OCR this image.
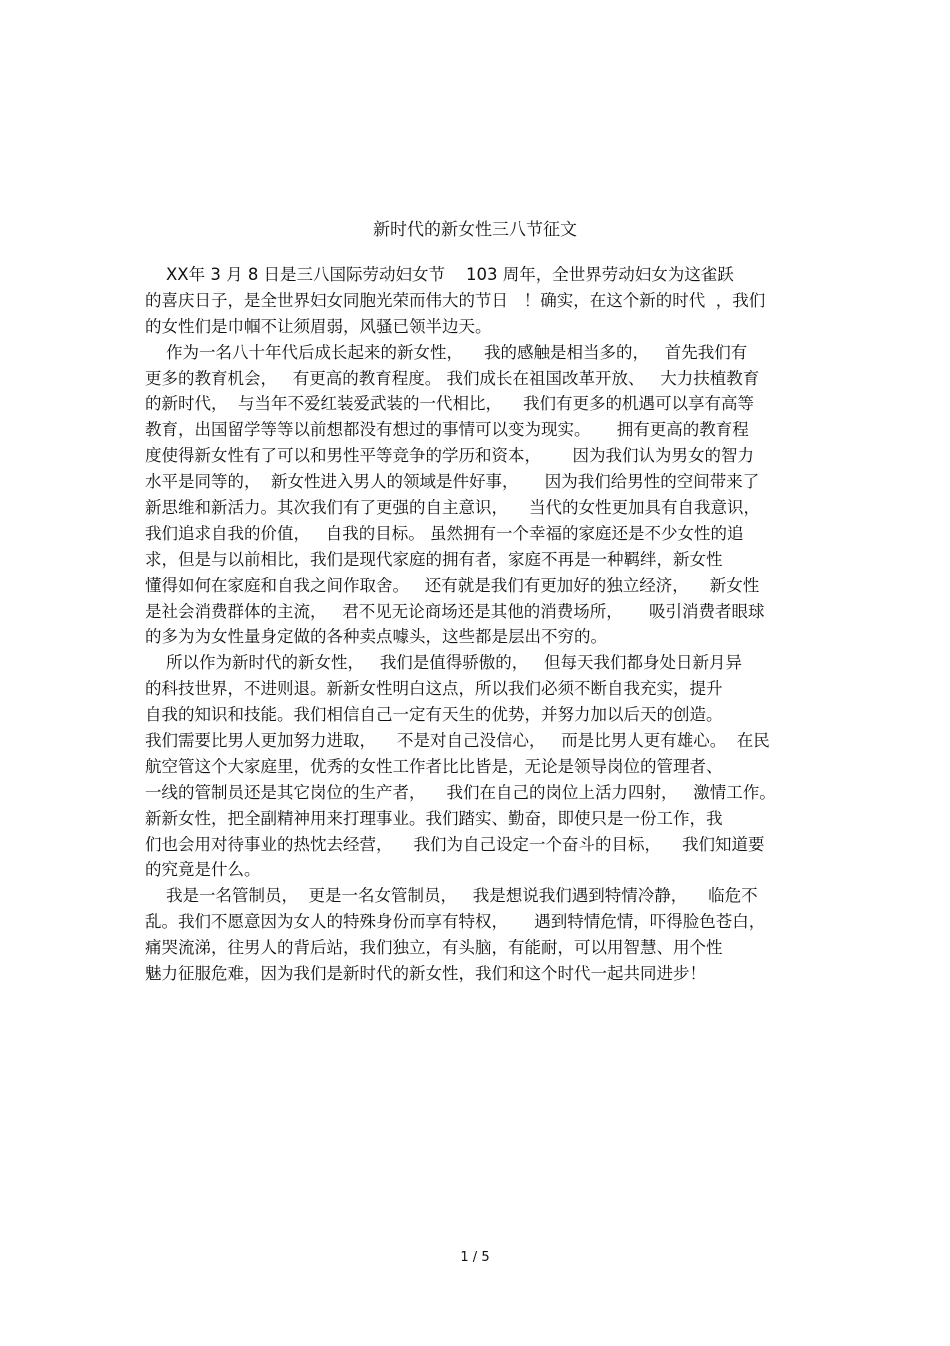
新时代的新女性三八节征文
XX年 3 月 8 日是三八国际劳动妇女节    103 周年，全世界劳动妇女为这雀跃
的喜庆日子，是全世界妇女同胞光荣而伟大的节日   ！确实，在这个新的时代  ，我们
的女性们是巾帼不让须眉弱，风骚已领半边天。
作为一名八十年代后成长起来的新女性，    我的感触是相当多的，   首先我们有
更多的教育机会，   有更高的教育程度。 我们成长在祖国改革开放、   大力扶植教育
的新时代，  与当年不爱红装爱武装的一代相比，    我们有更多的机遇可以享有高等
教育，出国留学等等以前想都没有想过的事情可以变为现实。     拥有更高的教育程
度使得新女性有了可以和男性平等竞争的学历和资本，      因为我们认为男女的智力
水平是同等的，  新女性进入男人的领域是件好事，     因为我们给男性的空间带来了
新思维和新活力。其次我们有了更强的自主意识，    当代的女性更加具有自我意识，
我们追求自我的价值，   自我的目标。 虽然拥有一个幸福的家庭还是不少女性的追
求，但是与以前相比，我们是现代家庭的拥有者，家庭不再是一种羁绊，新女性
懂得如何在家庭和自我之间作取舍。   还有就是我们有更加好的独立经济，    新女性
是社会消费群体的主流，   君不见无论商场还是其他的消费场所，     吸引消费者眼球
的多为为女性量身定做的各种卖点噱头，这些都是层出不穷的。
所以作为新时代的新女性，   我们是值得骄傲的，   但每天我们都身处日新月异
的科技世界，不进则退。新新女性明白这点，所以我们必须不断自我充实，提升
自我的知识和技能。我们相信自己一定有天生的优势，并努力加以后天的创造。
我们需要比男人更加努力进取，    不是对自己没信心，   而是比男人更有雄心。  在民
航空管这个大家庭里，优秀的女性工作者比比皆是，无论是领导岗位的管理者、
一线的管制员还是其它岗位的生产者，    我们在自己的岗位上活力四射，   激情工作。
新新女性，把全副精神用来打理事业。我们踏实、勤奋，即使只是一份工作，我
们也会用对待事业的热忱去经营，    我们为自己设定一个奋斗的目标，    我们知道要
的究竟是什么。
我是一名管制员，  更是一名女管制员，   我是想说我们遇到特情冷静，    临危不
乱。我们不愿意因为女人的特殊身份而享有特权，     遇到特情危情，吓得脸色苍白，
痛哭流涕，往男人的背后站，我们独立，有头脑，有能耐，可以用智慧、用个性
魅力征服危难，因为我们是新时代的新女性，我们和这个时代一起共同进步！
1 / 5
